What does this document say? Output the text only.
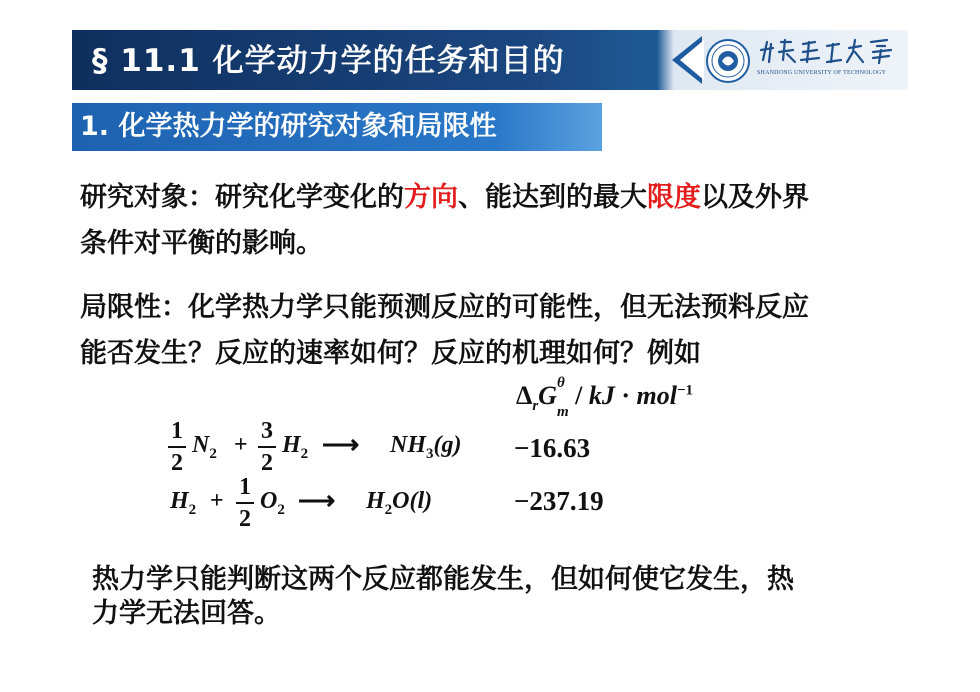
§ 11.1 化学动力学的任务和目的	SHANDONG UNIVERSITY OF TECHNOLOGY
1. 化学热力学的研究对象和局限性
研究对象：研究化学变化的方向、能达到的最大限度以及外界
条件对平衡的影响。
局限性：化学热力学只能预测反应的可能性，但无法预料反应
能否发生？反应的速率如何？反应的机理如何？例如
$\Delta_rG$ θ
$_m$ / kJ · mol$^{-1}$
1
2
$N_2$ +
3
2
$H_2$ ⟶ $NH_3(g) -16.63$
$H_2$ +
1
2
$O_2$ ⟶ $H_2O(l)$	−237.19
热力学只能判断这两个反应都能发生，但如何使它发生，热
力学无法回答。
